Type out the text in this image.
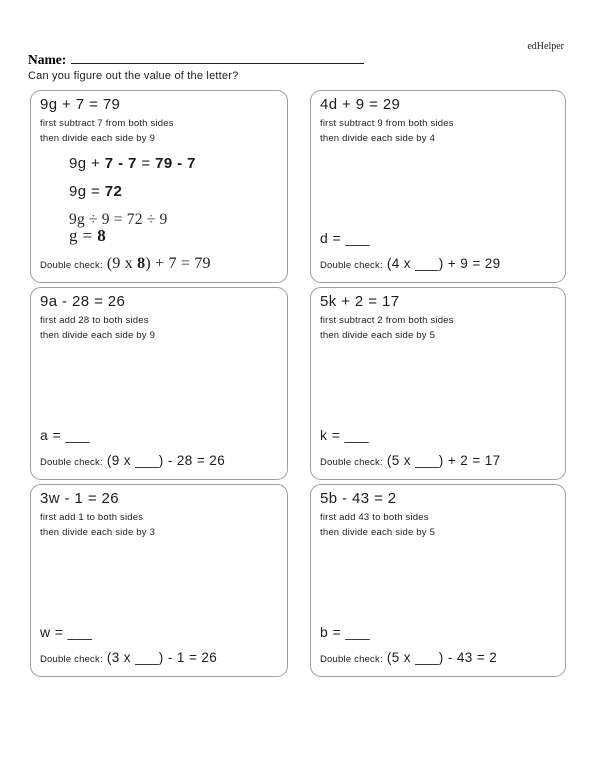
edHelper
Name:
Can you figure out the value of the letter?
9g + 7 = 79
first subtract 7 from both sides
then divide each side by 9
9g + 7 - 7 = 79 - 7
9g = 72
9g ÷ 9 = 72 ÷ 9
g = 8
Double check: (9 x 8) + 7 = 79
4d + 9 = 29
first subtract 9 from both sides
then divide each side by 4
d = ___
Double check: (4 x ___) + 9 = 29
9a - 28 = 26
first add 28 to both sides
then divide each side by 9
a = ___
Double check: (9 x ___) - 28 = 26
5k + 2 = 17
first subtract 2 from both sides
then divide each side by 5
k = ___
Double check: (5 x ___) + 2 = 17
3w - 1 = 26
first add 1 to both sides
then divide each side by 3
w = ___
Double check: (3 x ___) - 1 = 26
5b - 43 = 2
first add 43 to both sides
then divide each side by 5
b = ___
Double check: (5 x ___) - 43 = 2
